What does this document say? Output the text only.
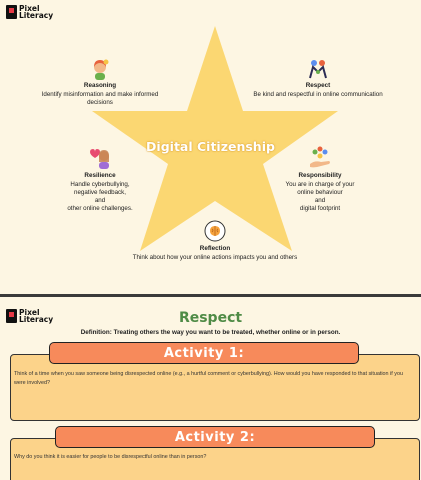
Pixel
Literacy
Digital Citizenship
Reasoning
Identify misinformation and make informed decisions
Respect
Be kind and respectful in online communication
Resilience
Handle cyberbullying,
negative feedback,
and
other online challenges.
Responsibility
You are in charge of your
online behaviour
and
digital footprint
Reflection
Think about how your online actions impacts you and others
Pixel
Literacy	Respect
Definition: Treating others the way you want to be treated, whether online or in person.
Activity 1:
Think of a time when you saw someone being disrespected online (e.g., a hurtful comment or cyberbullying). How would you have responded to that situation if you were involved?
Activity 2:
Why do you think it is easier for people to be disrespectful online than in person?
